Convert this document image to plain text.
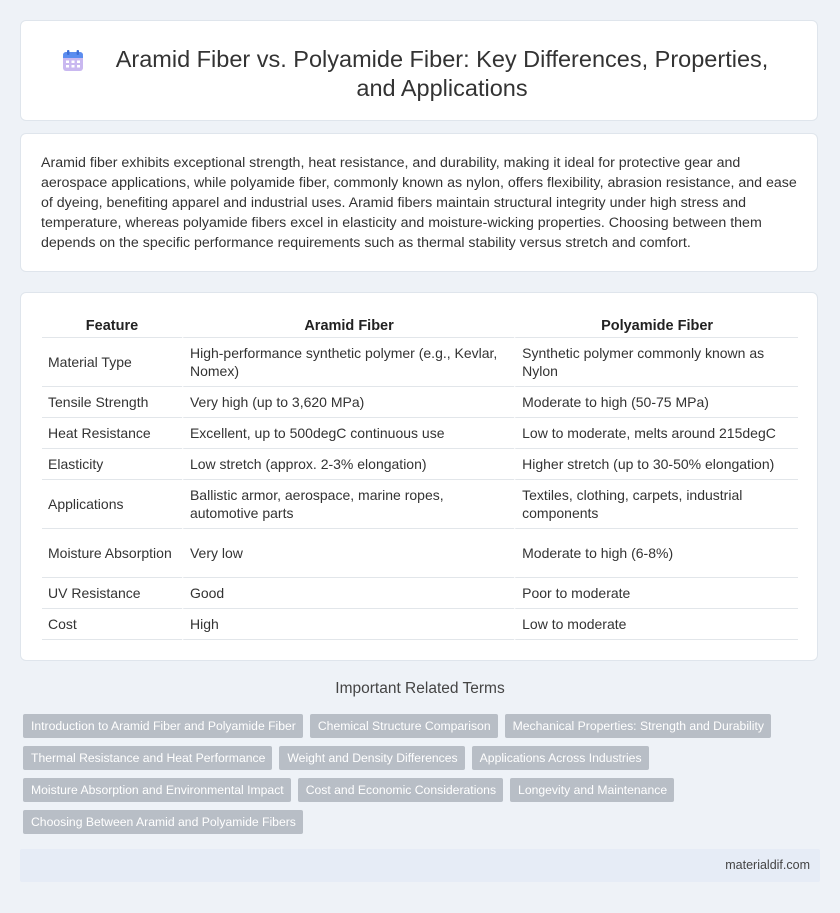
Aramid Fiber vs. Polyamide Fiber: Key Differences, Properties, and Applications

Aramid fiber exhibits exceptional strength, heat resistance, and durability, making it ideal for protective gear and aerospace applications, while polyamide fiber, commonly known as nylon, offers flexibility, abrasion resistance, and ease of dyeing, benefiting apparel and industrial uses. Aramid fibers maintain structural integrity under high stress and temperature, whereas polyamide fibers excel in elasticity and moisture-wicking properties. Choosing between them depends on the specific performance requirements such as thermal stability versus stretch and comfort.

Feature	Aramid Fiber	Polyamide Fiber
Material Type	High-performance synthetic polymer (e.g., Kevlar, Nomex)	Synthetic polymer commonly known as Nylon
Tensile Strength	Very high (up to 3,620 MPa)	Moderate to high (50-75 MPa)
Heat Resistance	Excellent, up to 500degC continuous use	Low to moderate, melts around 215degC
Elasticity	Low stretch (approx. 2-3% elongation)	Higher stretch (up to 30-50% elongation)
Applications	Ballistic armor, aerospace, marine ropes, automotive parts	Textiles, clothing, carpets, industrial components
Moisture Absorption	Very low	Moderate to high (6-8%)
UV Resistance	Good	Poor to moderate
Cost	High	Low to moderate
Important Related Terms
Introduction to Aramid Fiber and Polyamide Fiber	Chemical Structure Comparison	Mechanical Properties: Strength and Durability
Thermal Resistance and Heat Performance	Weight and Density Differences	Applications Across Industries
Moisture Absorption and Environmental Impact	Cost and Economic Considerations	Longevity and Maintenance
Choosing Between Aramid and Polyamide Fibers
materialdif.com
